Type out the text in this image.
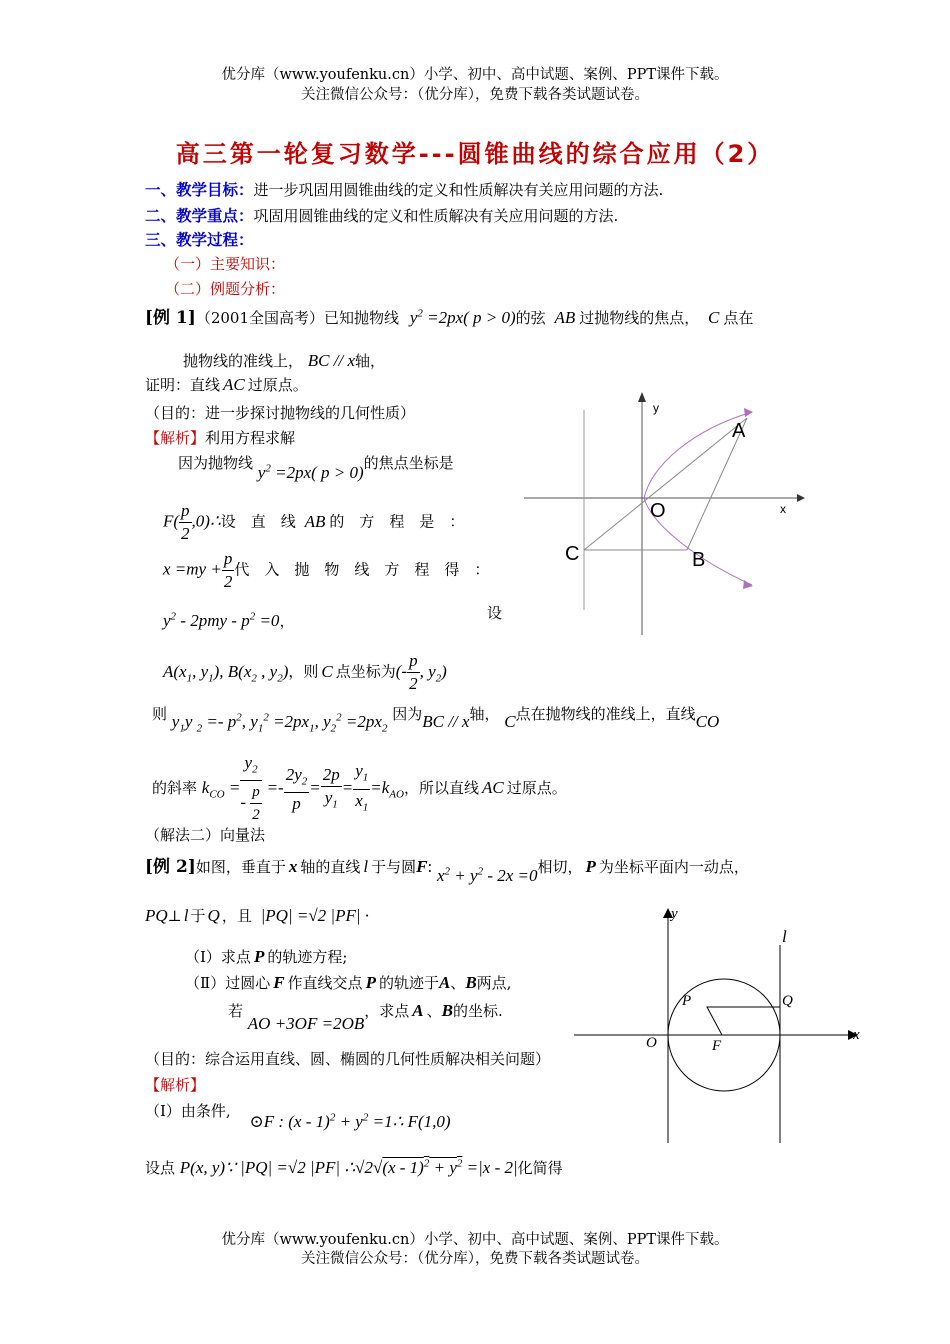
优分库（www.youfenku.cn）小学、初中、高中试题、案例、PPT课件下载。
关注微信公众号：（优分库），免费下载各类试题试卷。
高三第一轮复习数学---圆锥曲线的综合应用（2）
一、教学目标：进一步巩固用圆锥曲线的定义和性质解决有关应用问题的方法.
二、教学重点：巩固用圆锥曲线的定义和性质解决有关应用问题的方法.
三、教学过程：
（一）主要知识：
（二）例题分析：
[例 1]（2001全国高考）已知抛物线 $y^2 =2px$( p > 0)的弦 AB 过抛物线的焦点， C 点在
抛物线的准线上， BC // x轴，
证明：直线 AC 过原点。
（目的：进一步探讨抛物线的几何性质）
【解析】利用方程求解
因为抛物线 $y^2 =2px$( p > 0)的焦点坐标是
$F( \frac{p}{2}$ ,0)∴设　直　线 AB 的　方　程　是　：
$x =my + \frac{p}{2}$ 代　入　抛　物　线　方　程　得　：
$y^2 - 2pmy - p^2 =0$，	设
$A(x_1$, $y_1$), $B(x_2$ , $y_2$)，则 C 点坐标为(- $\frac{p}{2}$ , $y_2$)
则 $y_1y$ $_2 =- p^2$, $y_1^2 =2px_1$, $y_2^2 =2px_2$ 因为BC // x轴， C点在抛物线的准线上，直线CO
的斜率 $k_{CO} = \frac{y_2}{- \frac{p}{2}} =- \frac{2y_2}{p} = \frac{2p}{y_1} = \frac{y_1}{x_1} =k_{AO}$，所以直线 AC 过原点。
（解法二）向量法
A
O
B
C
y
x
[例 2]如图，垂直于 x 轴的直线 l 于与圆F: $x^2 + y^2 - 2x =0$相切， P 为坐标平面内一动点，
PQ⊥ l 于 Q ，且 |PQ| =√2 |PF| ·
（Ⅰ）求点 P 的轨迹方程;
（Ⅱ）过圆心 F 作直线交点 P 的轨迹于A、B两点,
若 AO +3OF =2OB，求点 A 、B的坐标.
（目的：综合运用直线、圆、椭圆的几何性质解决相关问题）
【解析】
（Ⅰ）由条件, ⊙F : $(x - 1)^2 + y^2$ =1∴ F(1,0)
设点 P(x, y)∵ |PQ| =√2 |PF| ∴√2√(x - $1)^2 + y^2 =|x - 2|$化简得
P	Q
O	F
l
y
x
优分库（www.youfenku.cn）小学、初中、高中试题、案例、PPT课件下载。
关注微信公众号：（优分库），免费下载各类试题试卷。
